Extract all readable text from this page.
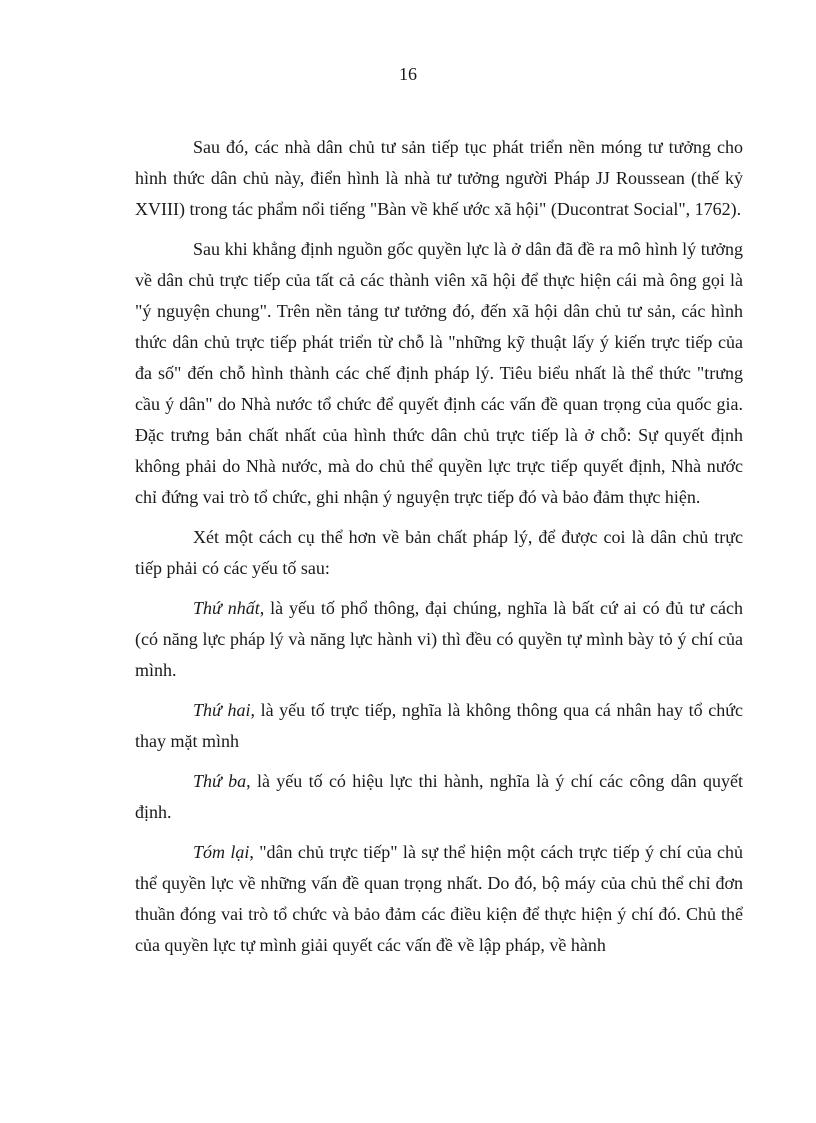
16

Sau đó, các nhà dân chủ tư sản tiếp tục phát triển nền móng tư tưởng cho hình thức dân chủ này, điển hình là nhà tư tưởng người Pháp JJ Roussean (thế kỷ XVIII) trong tác phẩm nổi tiếng "Bàn về khế ước xã hội" (Ducontrat Social", 1762).

Sau khi khẳng định nguồn gốc quyền lực là ở dân đã đề ra mô hình lý tưởng về dân chủ trực tiếp của tất cả các thành viên xã hội để thực hiện cái mà ông gọi là "ý nguyện chung". Trên nền tảng tư tưởng đó, đến xã hội dân chủ tư sản, các hình thức dân chủ trực tiếp phát triển từ chỗ là "những kỹ thuật lấy ý kiến trực tiếp của đa số" đến chỗ hình thành các chế định pháp lý. Tiêu biểu nhất là thể thức "trưng cầu ý dân" do Nhà nước tổ chức để quyết định các vấn đề quan trọng của quốc gia. Đặc trưng bản chất nhất của hình thức dân chủ trực tiếp là ở chỗ: Sự quyết định không phải do Nhà nước, mà do chủ thể quyền lực trực tiếp quyết định, Nhà nước chỉ đứng vai trò tổ chức, ghi nhận ý nguyện trực tiếp đó và bảo đảm thực hiện.

Xét một cách cụ thể hơn về bản chất pháp lý, để được coi là dân chủ trực tiếp phải có các yếu tố sau:

Thứ nhất, là yếu tố phổ thông, đại chúng, nghĩa là bất cứ ai có đủ tư cách (có năng lực pháp lý và năng lực hành vi) thì đều có quyền tự mình bày tỏ ý chí của mình.

Thứ hai, là yếu tố trực tiếp, nghĩa là không thông qua cá nhân hay tổ chức thay mặt mình

Thứ ba, là yếu tố có hiệu lực thi hành, nghĩa là ý chí các công dân quyết định.

Tóm lại, "dân chủ trực tiếp" là sự thể hiện một cách trực tiếp ý chí của chủ thể quyền lực về những vấn đề quan trọng nhất. Do đó, bộ máy của chủ thể chỉ đơn thuần đóng vai trò tổ chức và bảo đảm các điều kiện để thực hiện ý chí đó. Chủ thể của quyền lực tự mình giải quyết các vấn đề về lập pháp, về hành
